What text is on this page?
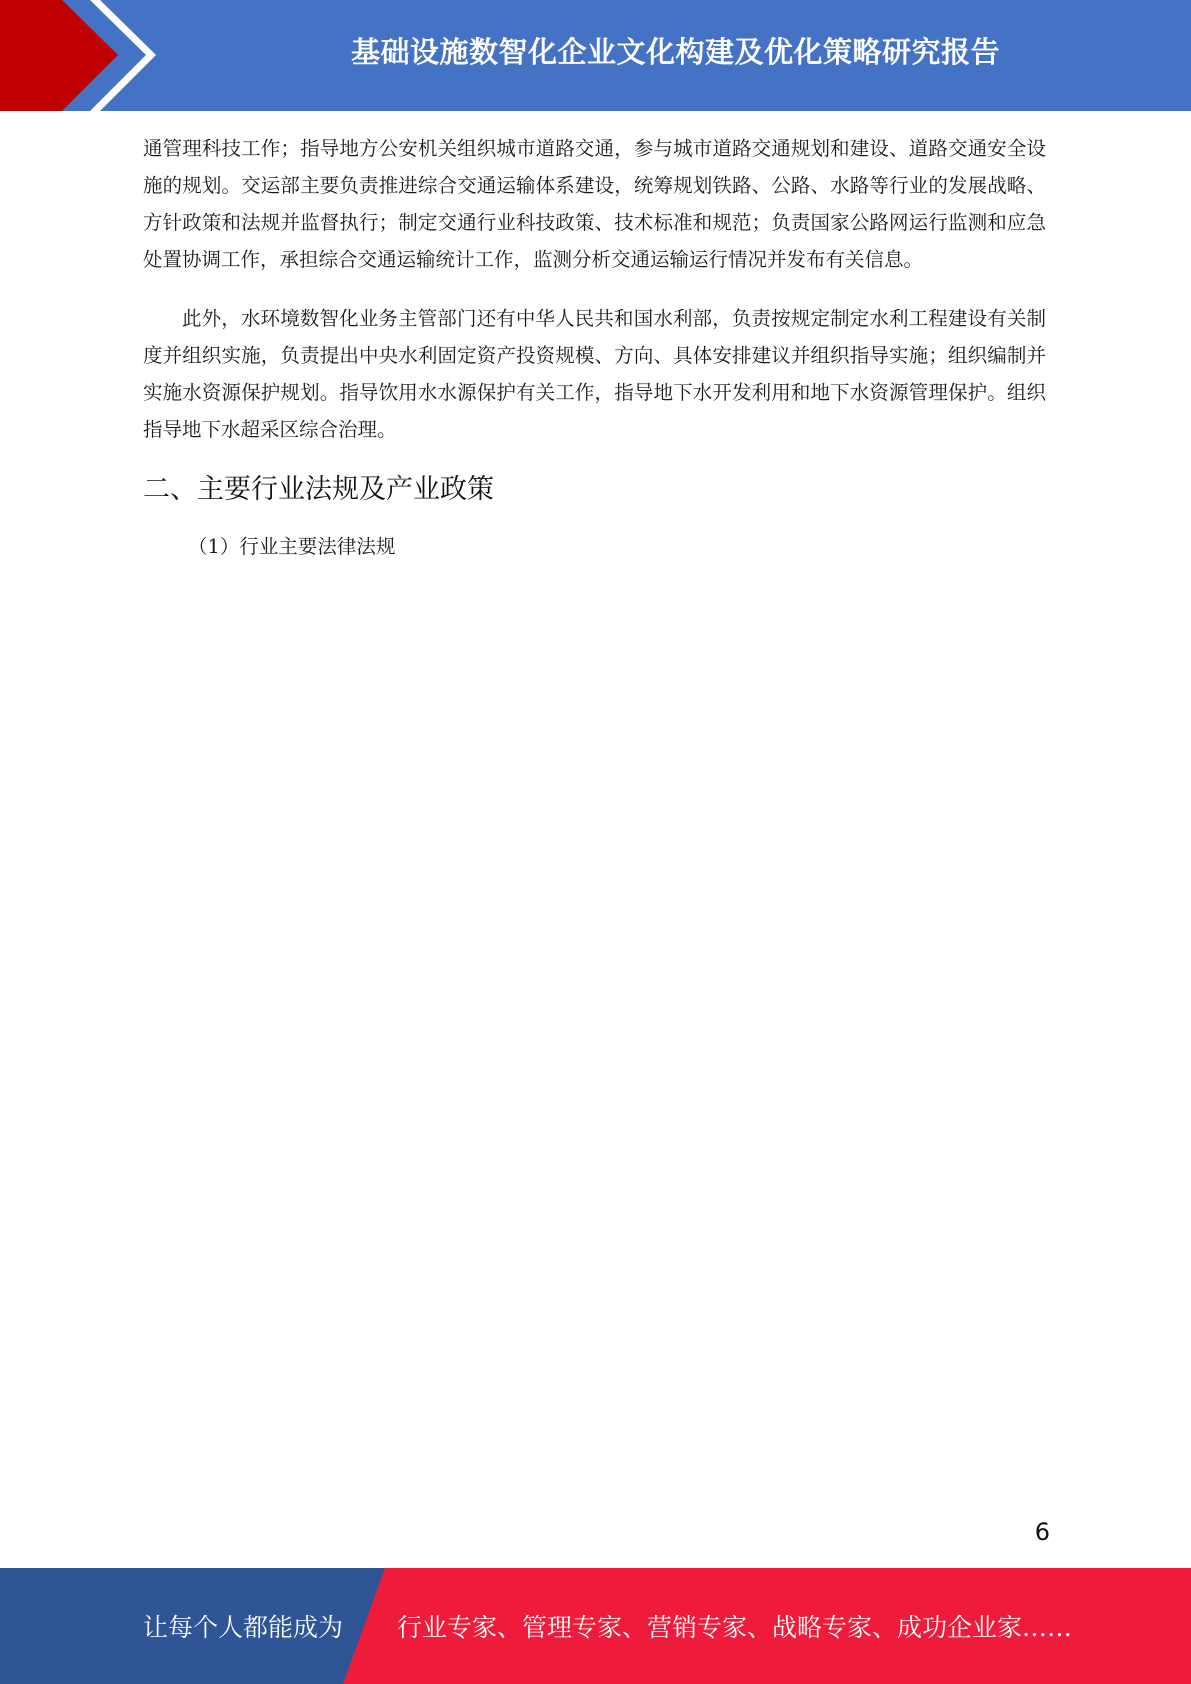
基础设施数智化企业文化构建及优化策略研究报告

通管理科技工作；指导地方公安机关组织城市道路交通，参与城市道路交通规划和建设、道路交通安全设施的规划。交运部主要负责推进综合交通运输体系建设，统筹规划铁路、公路、水路等行业的发展战略、方针政策和法规并监督执行；制定交通行业科技政策、技术标准和规范；负责国家公路网运行监测和应急处置协调工作，承担综合交通运输统计工作，监测分析交通运输运行情况并发布有关信息。

此外，水环境数智化业务主管部门还有中华人民共和国水利部，负责按规定制定水利工程建设有关制度并组织实施，负责提出中央水利固定资产投资规模、方向、具体安排建议并组织指导实施；组织编制并实施水资源保护规划。指导饮用水水源保护有关工作，指导地下水开发利用和地下水资源管理保护。组织指导地下水超采区综合治理。

二、主要行业法规及产业政策

（1）行业主要法律法规

6
让每个人都能成为 行业专家、管理专家、营销专家、战略专家、成功企业家……
